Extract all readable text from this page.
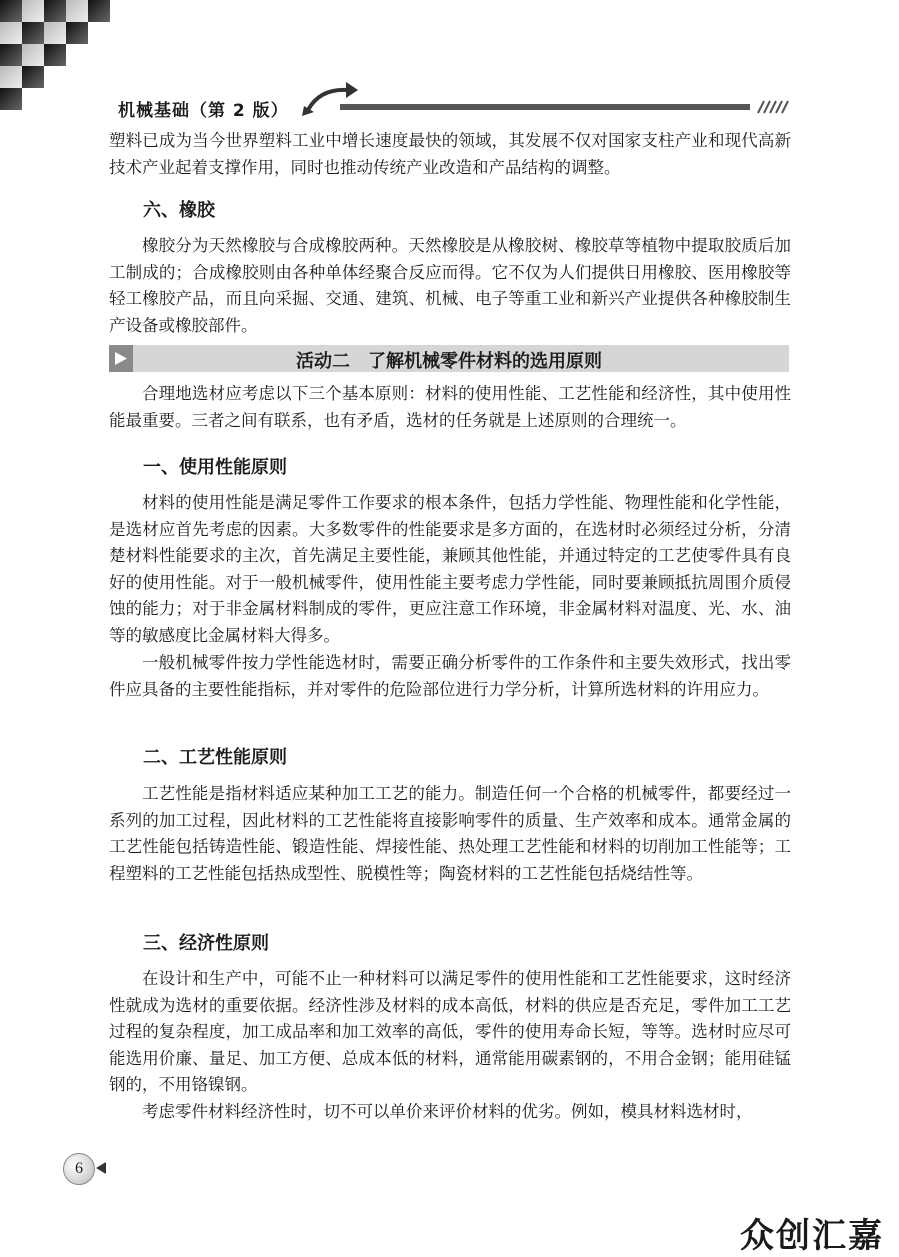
机械基础（第 2 版）

塑料已成为当今世界塑料工业中增长速度最快的领域，其发展不仅对国家支柱产业和现代高新技术产业起着支撑作用，同时也推动传统产业改造和产品结构的调整。

六、橡胶

橡胶分为天然橡胶与合成橡胶两种。天然橡胶是从橡胶树、橡胶草等植物中提取胶质后加工制成的；合成橡胶则由各种单体经聚合反应而得。它不仅为人们提供日用橡胶、医用橡胶等轻工橡胶产品，而且向采掘、交通、建筑、机械、电子等重工业和新兴产业提供各种橡胶制生产设备或橡胶部件。

活动二　了解机械零件材料的选用原则

合理地选材应考虑以下三个基本原则：材料的使用性能、工艺性能和经济性，其中使用性能最重要。三者之间有联系，也有矛盾，选材的任务就是上述原则的合理统一。

一、使用性能原则

材料的使用性能是满足零件工作要求的根本条件，包括力学性能、物理性能和化学性能，是选材应首先考虑的因素。大多数零件的性能要求是多方面的，在选材时必须经过分析，分清楚材料性能要求的主次，首先满足主要性能，兼顾其他性能，并通过特定的工艺使零件具有良好的使用性能。对于一般机械零件，使用性能主要考虑力学性能，同时要兼顾抵抗周围介质侵蚀的能力；对于非金属材料制成的零件，更应注意工作环境，非金属材料对温度、光、水、油等的敏感度比金属材料大得多。

一般机械零件按力学性能选材时，需要正确分析零件的工作条件和主要失效形式，找出零件应具备的主要性能指标，并对零件的危险部位进行力学分析，计算所选材料的许用应力。

二、工艺性能原则

工艺性能是指材料适应某种加工工艺的能力。制造任何一个合格的机械零件，都要经过一系列的加工过程，因此材料的工艺性能将直接影响零件的质量、生产效率和成本。通常金属的工艺性能包括铸造性能、锻造性能、焊接性能、热处理工艺性能和材料的切削加工性能等；工程塑料的工艺性能包括热成型性、脱模性等；陶瓷材料的工艺性能包括烧结性等。

三、经济性原则

在设计和生产中，可能不止一种材料可以满足零件的使用性能和工艺性能要求，这时经济性就成为选材的重要依据。经济性涉及材料的成本高低，材料的供应是否充足，零件加工工艺过程的复杂程度，加工成品率和加工效率的高低，零件的使用寿命长短，等等。选材时应尽可能选用价廉、量足、加工方便、总成本低的材料，通常能用碳素钢的，不用合金钢；能用硅锰钢的，不用铬镍钢。

考虑零件材料经济性时，切不可以单价来评价材料的优劣。例如，模具材料选材时，

6
众创汇嘉
